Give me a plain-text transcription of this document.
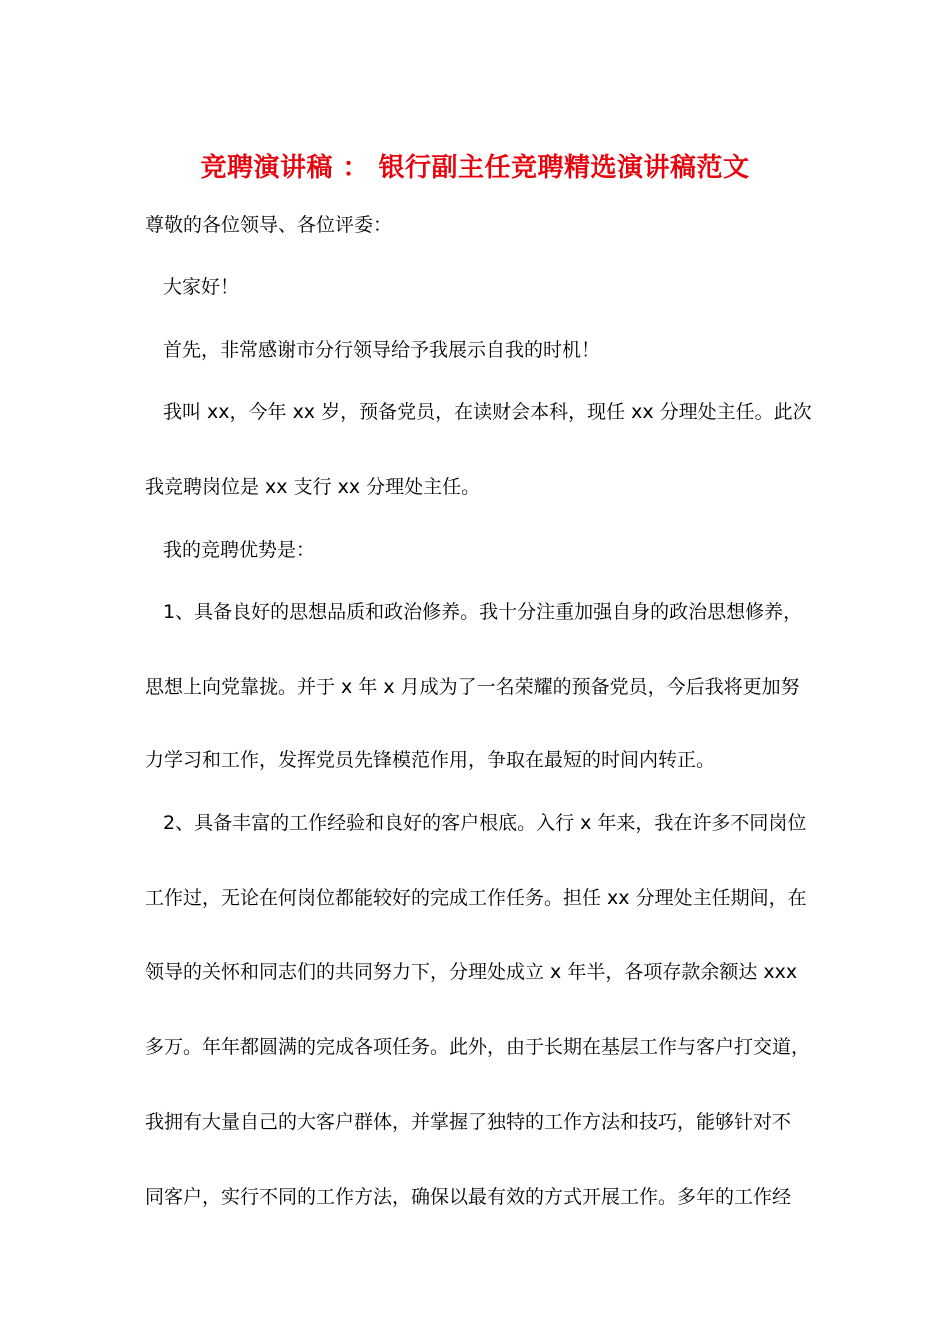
竞聘演讲稿 ： 银行副主任竞聘精选演讲稿范文
尊敬的各位领导、各位评委：
大家好！
首先，非常感谢市分行领导给予我展示自我的时机！
我叫 xx，今年 xx 岁，预备党员，在读财会本科，现任 xx 分理处主任。此次
我竞聘岗位是 xx 支行 xx 分理处主任。
我的竞聘优势是：
1、具备良好的思想品质和政治修养。我十分注重加强自身的政治思想修养，
思想上向党靠拢。并于 x 年 x 月成为了一名荣耀的预备党员，今后我将更加努
力学习和工作，发挥党员先锋模范作用，争取在最短的时间内转正。
2、具备丰富的工作经验和良好的客户根底。入行 x 年来，我在许多不同岗位
工作过，无论在何岗位都能较好的完成工作任务。担任 xx 分理处主任期间，在
领导的关怀和同志们的共同努力下，分理处成立 x 年半，各项存款余额达 xxx
多万。年年都圆满的完成各项任务。此外，由于长期在基层工作与客户打交道，
我拥有大量自己的大客户群体，并掌握了独特的工作方法和技巧，能够针对不
同客户，实行不同的工作方法，确保以最有效的方式开展工作。多年的工作经
